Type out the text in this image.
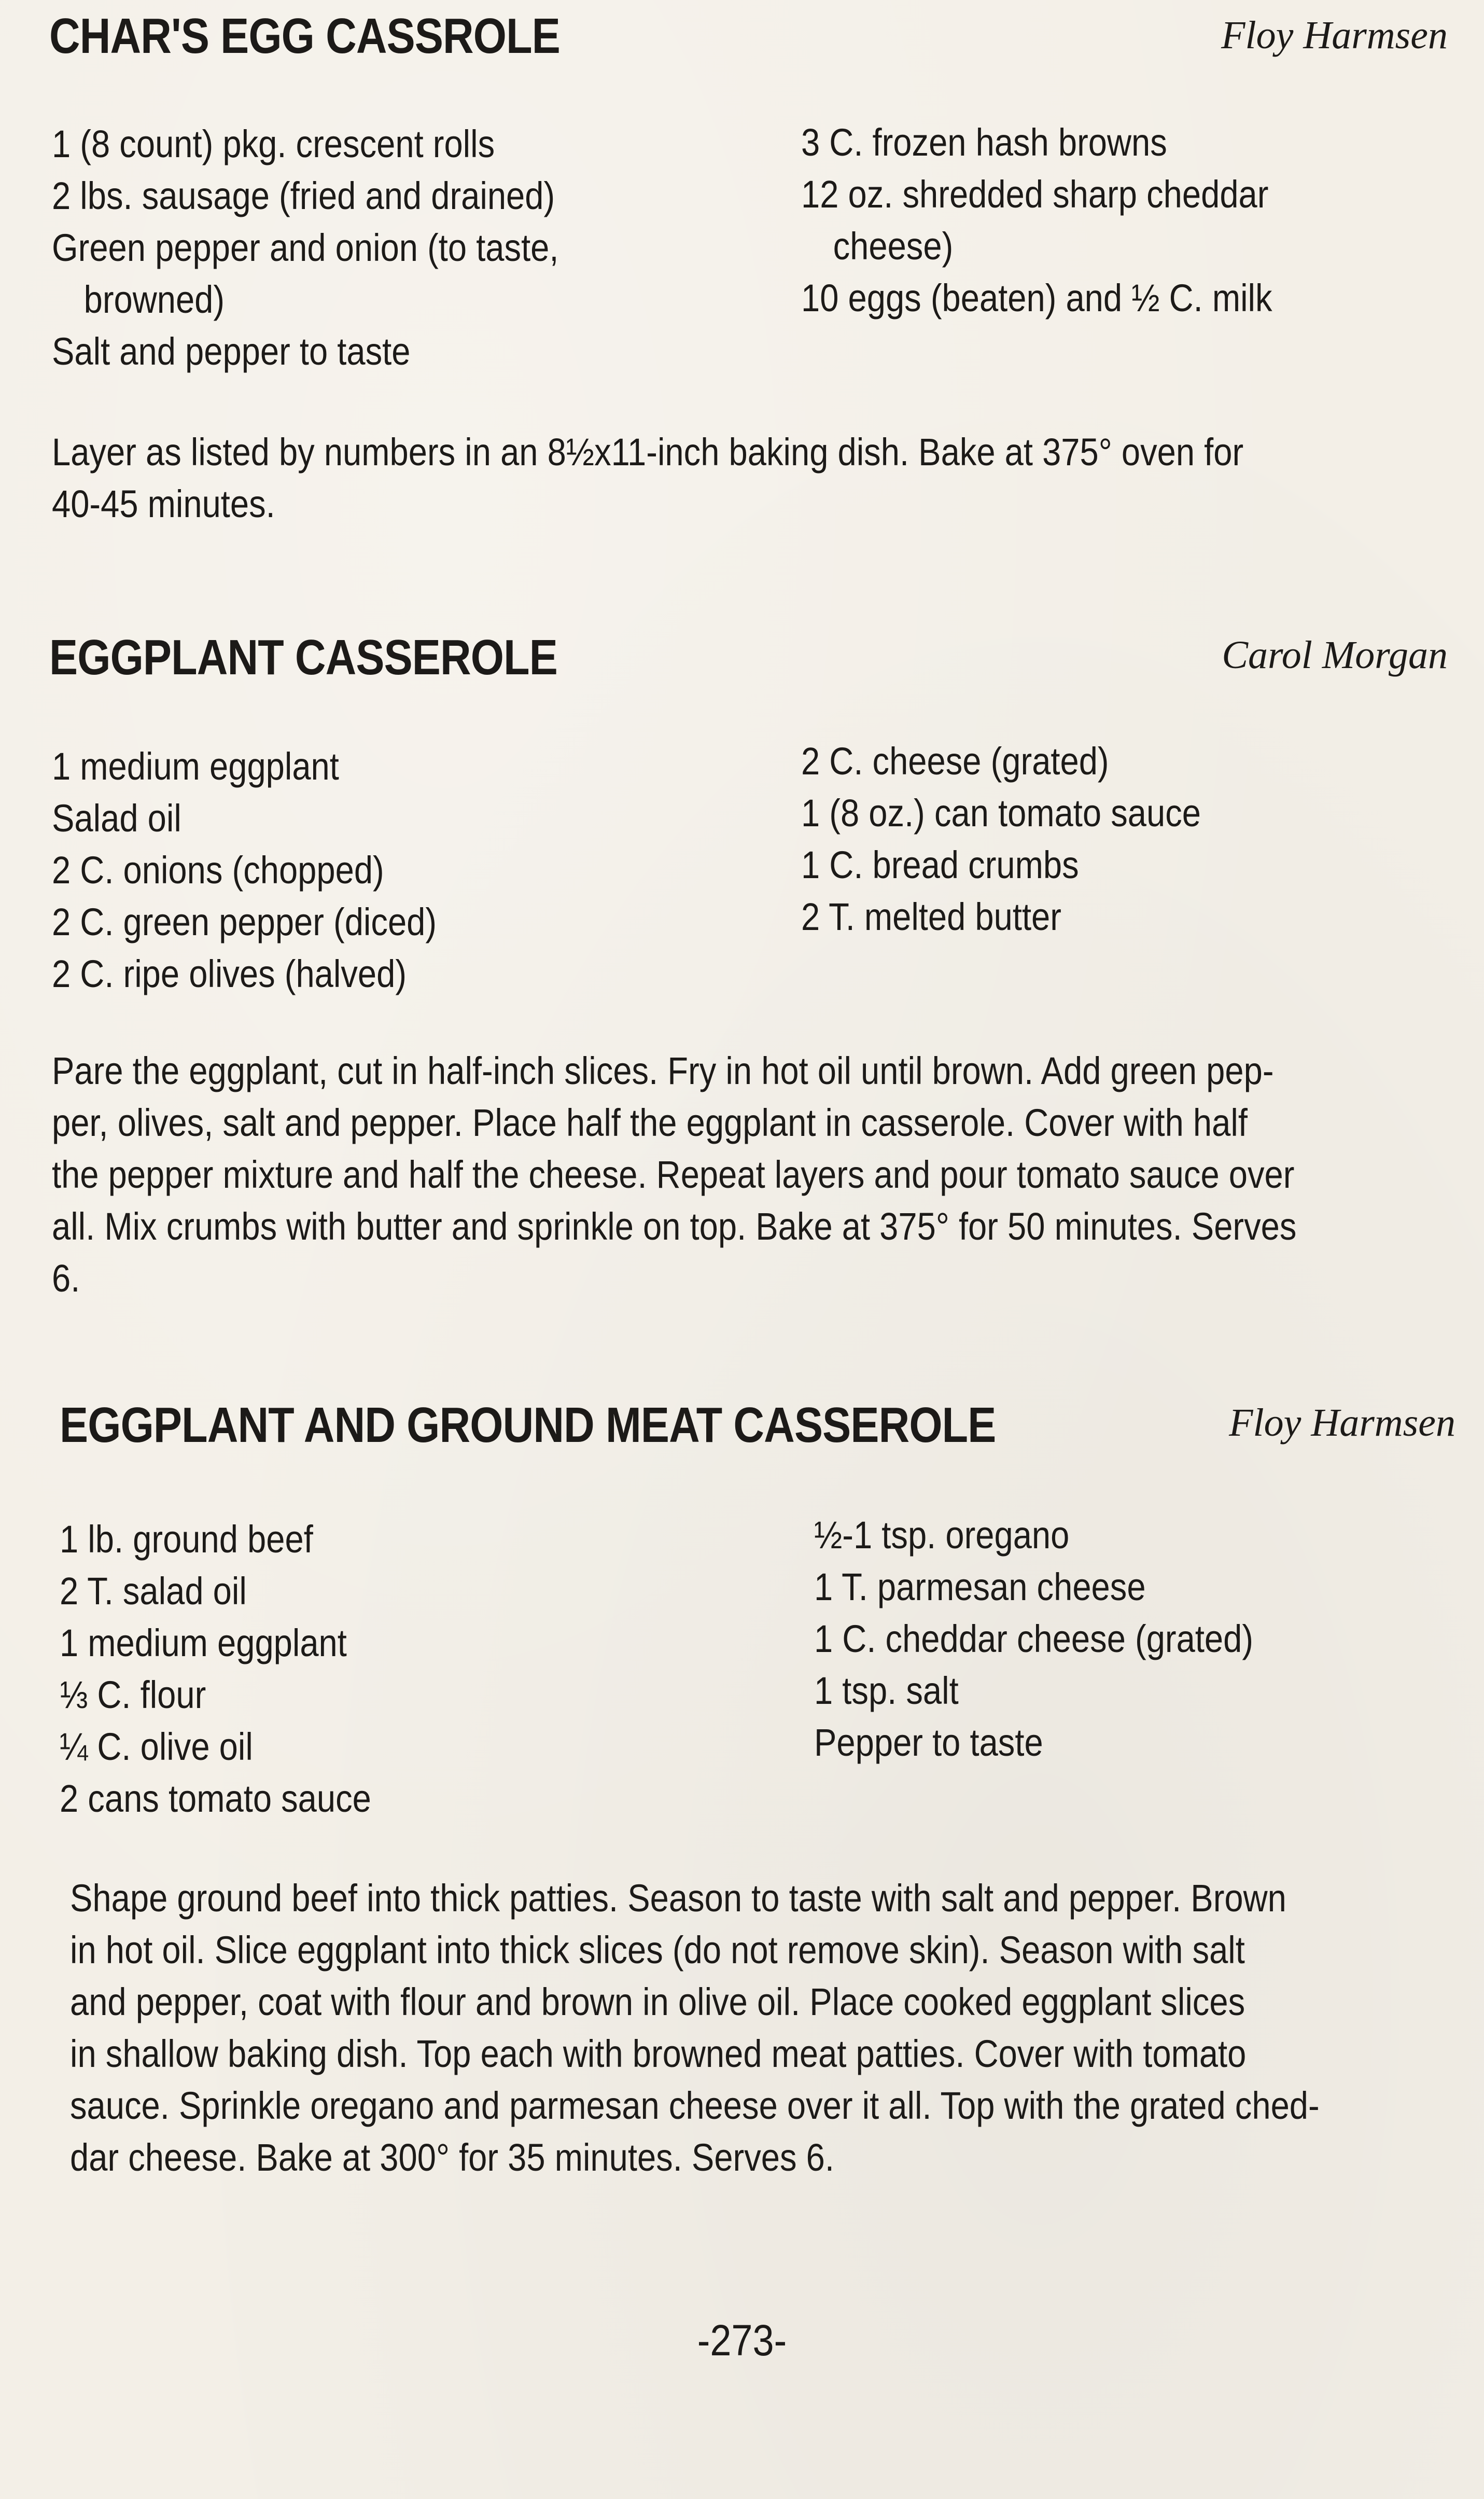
CHAR'S EGG CASSROLE	Floy Harmsen
1 (8 count) pkg. crescent rolls
2 lbs. sausage (fried and drained)
Green pepper and onion (to taste,
browned)
Salt and pepper to taste
3 C. frozen hash browns
12 oz. shredded sharp cheddar
cheese)
10 eggs (beaten) and ½ C. milk
Layer as listed by numbers in an 8½x11-inch baking dish. Bake at 375° oven for
40-45 minutes.
EGGPLANT CASSEROLE	Carol Morgan
1 medium eggplant
Salad oil
2 C. onions (chopped)
2 C. green pepper (diced)
2 C. ripe olives (halved)
2 C. cheese (grated)
1 (8 oz.) can tomato sauce
1 C. bread crumbs
2 T. melted butter
Pare the eggplant, cut in half-inch slices. Fry in hot oil until brown. Add green pep-
per, olives, salt and pepper. Place half the eggplant in casserole. Cover with half
the pepper mixture and half the cheese. Repeat layers and pour tomato sauce over
all. Mix crumbs with butter and sprinkle on top. Bake at 375° for 50 minutes. Serves
6.
EGGPLANT AND GROUND MEAT CASSEROLE	Floy Harmsen
1 lb. ground beef
2 T. salad oil
1 medium eggplant
⅓ C. flour
¼ C. olive oil
2 cans tomato sauce
½-1 tsp. oregano
1 T. parmesan cheese
1 C. cheddar cheese (grated)
1 tsp. salt
Pepper to taste
Shape ground beef into thick patties. Season to taste with salt and pepper. Brown
in hot oil. Slice eggplant into thick slices (do not remove skin). Season with salt
and pepper, coat with flour and brown in olive oil. Place cooked eggplant slices
in shallow baking dish. Top each with browned meat patties. Cover with tomato
sauce. Sprinkle oregano and parmesan cheese over it all. Top with the grated ched-
dar cheese. Bake at 300° for 35 minutes. Serves 6.
-273-
